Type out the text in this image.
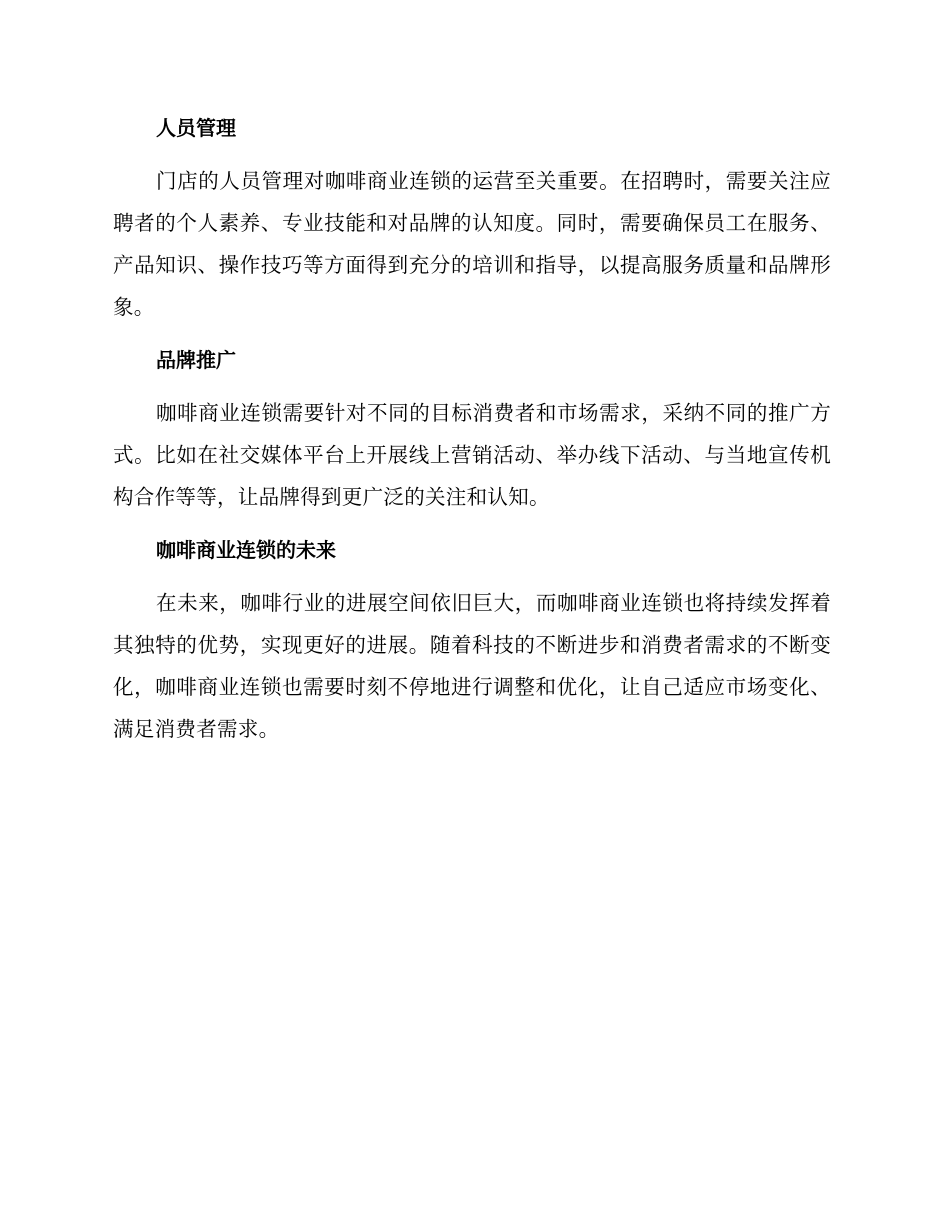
人员管理

门店的人员管理对咖啡商业连锁的运营至关重要。在招聘时，需要关注应聘者的个人素养、专业技能和对品牌的认知度。同时，需要确保员工在服务、产品知识、操作技巧等方面得到充分的培训和指导，以提高服务质量和品牌形象。

品牌推广

咖啡商业连锁需要针对不同的目标消费者和市场需求，采纳不同的推广方式。比如在社交媒体平台上开展线上营销活动、举办线下活动、与当地宣传机构合作等等，让品牌得到更广泛的关注和认知。

咖啡商业连锁的未来

在未来，咖啡行业的进展空间依旧巨大，而咖啡商业连锁也将持续发挥着其独特的优势，实现更好的进展。随着科技的不断进步和消费者需求的不断变化，咖啡商业连锁也需要时刻不停地进行调整和优化，让自己适应市场变化、满足消费者需求。
